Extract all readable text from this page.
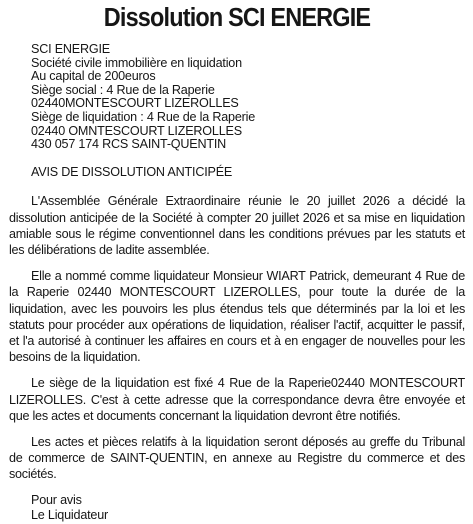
Dissolution SCI ENERGIE
SCI ENERGIE
Société civile immobilière en liquidation
Au capital de 200euros
Siège social : 4 Rue de la Raperie
02440MONTESCOURT LIZEROLLES
Siège de liquidation : 4 Rue de la Raperie
02440 OMNTESCOURT LIZEROLLES
430 057 174 RCS SAINT-QUENTIN
AVIS DE DISSOLUTION ANTICIPÉE

L'Assemblée Générale Extraordinaire réunie le 20 juillet 2026 a décidé la dissolution anticipée de la Société à compter 20 juillet 2026 et sa mise en liquidation amiable sous le régime conventionnel dans les conditions prévues par les statuts et les délibérations de ladite assemblée.

Elle a nommé comme liquidateur Monsieur WIART Patrick, demeurant 4 Rue de la Raperie 02440 MONTESCOURT LIZEROLLES, pour toute la durée de la liquidation, avec les pouvoirs les plus étendus tels que déterminés par la loi et les statuts pour procéder aux opérations de liquidation, réaliser l'actif, acquitter le passif, et l'a autorisé à continuer les affaires en cours et à en engager de nouvelles pour les besoins de la liquidation.

Le siège de la liquidation est fixé 4 Rue de la Raperie02440 MONTESCOURT LIZEROLLES. C'est à cette adresse que la correspondance devra être envoyée et que les actes et documents concernant la liquidation devront être notifiés.

Les actes et pièces relatifs à la liquidation seront déposés au greffe du Tribunal de commerce de SAINT-QUENTIN, en annexe au Registre du commerce et des sociétés.

Pour avis
Le Liquidateur
